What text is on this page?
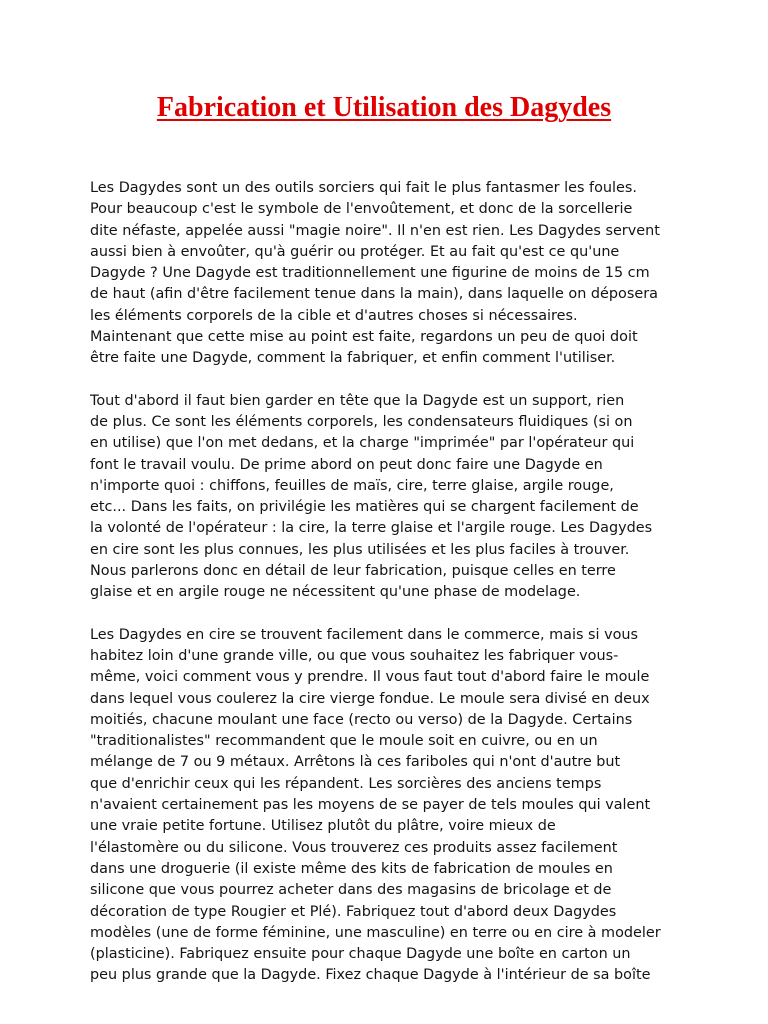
Fabrication et Utilisation des Dagydes
Les Dagydes sont un des outils sorciers qui fait le plus fantasmer les foules.
Pour beaucoup c'est le symbole de l'envoûtement, et donc de la sorcellerie
dite néfaste, appelée aussi "magie noire". Il n'en est rien. Les Dagydes servent
aussi bien à envoûter, qu'à guérir ou protéger. Et au fait qu'est ce qu'une
Dagyde ? Une Dagyde est traditionnellement une figurine de moins de 15 cm
de haut (afin d'être facilement tenue dans la main), dans laquelle on déposera
les éléments corporels de la cible et d'autres choses si nécessaires.
Maintenant que cette mise au point est faite, regardons un peu de quoi doit
être faite une Dagyde, comment la fabriquer, et enfin comment l'utiliser.
Tout d'abord il faut bien garder en tête que la Dagyde est un support, rien
de plus. Ce sont les éléments corporels, les condensateurs fluidiques (si on
en utilise) que l'on met dedans, et la charge "imprimée" par l'opérateur qui
font le travail voulu. De prime abord on peut donc faire une Dagyde en
n'importe quoi : chiffons, feuilles de maïs, cire, terre glaise, argile rouge,
etc... Dans les faits, on privilégie les matières qui se chargent facilement de
la volonté de l'opérateur : la cire, la terre glaise et l'argile rouge. Les Dagydes
en cire sont les plus connues, les plus utilisées et les plus faciles à trouver.
Nous parlerons donc en détail de leur fabrication, puisque celles en terre
glaise et en argile rouge ne nécessitent qu'une phase de modelage.
Les Dagydes en cire se trouvent facilement dans le commerce, mais si vous
habitez loin d'une grande ville, ou que vous souhaitez les fabriquer vous-
même, voici comment vous y prendre. Il vous faut tout d'abord faire le moule
dans lequel vous coulerez la cire vierge fondue. Le moule sera divisé en deux
moitiés, chacune moulant une face (recto ou verso) de la Dagyde. Certains
"traditionalistes" recommandent que le moule soit en cuivre, ou en un
mélange de 7 ou 9 métaux. Arrêtons là ces fariboles qui n'ont d'autre but
que d'enrichir ceux qui les répandent. Les sorcières des anciens temps
n'avaient certainement pas les moyens de se payer de tels moules qui valent
une vraie petite fortune. Utilisez plutôt du plâtre, voire mieux de
l'élastomère ou du silicone. Vous trouverez ces produits assez facilement
dans une droguerie (il existe même des kits de fabrication de moules en
silicone que vous pourrez acheter dans des magasins de bricolage et de
décoration de type Rougier et Plé). Fabriquez tout d'abord deux Dagydes
modèles (une de forme féminine, une masculine) en terre ou en cire à modeler
(plasticine). Fabriquez ensuite pour chaque Dagyde une boîte en carton un
peu plus grande que la Dagyde. Fixez chaque Dagyde à l'intérieur de sa boîte
